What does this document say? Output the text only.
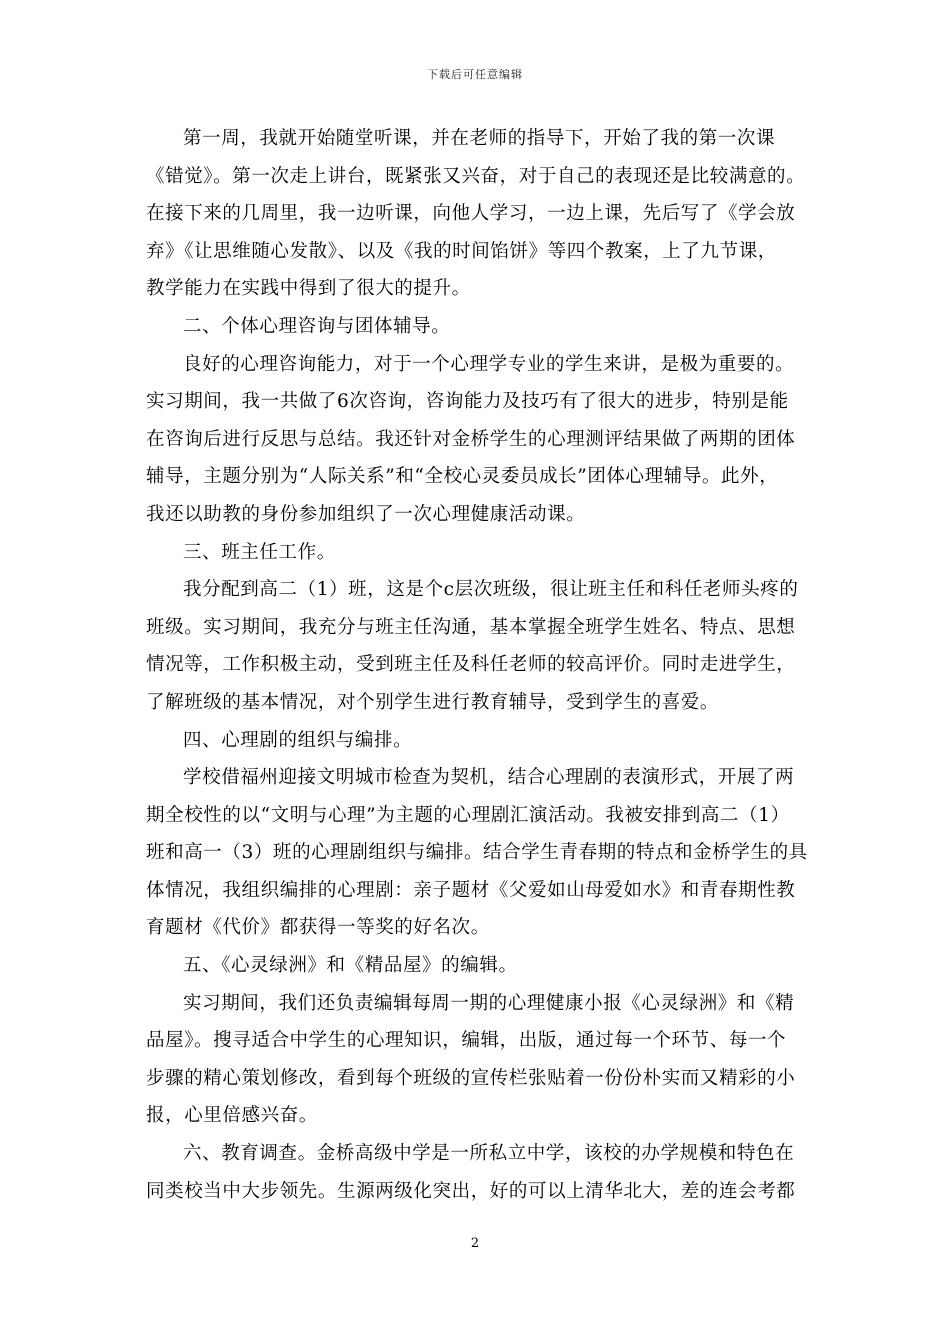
下载后可任意编辑
第一周，我就开始随堂听课，并在老师的指导下，开始了我的第一次课
《错觉》。第一次走上讲台，既紧张又兴奋，对于自己的表现还是比较满意的。
在接下来的几周里，我一边听课，向他人学习，一边上课，先后写了《学会放
弃》《让思维随心发散》、以及《我的时间馅饼》等四个教案，上了九节课，
教学能力在实践中得到了很大的提升。
二、个体心理咨询与团体辅导。
良好的心理咨询能力，对于一个心理学专业的学生来讲，是极为重要的。
实习期间，我一共做了6次咨询，咨询能力及技巧有了很大的进步，特别是能
在咨询后进行反思与总结。我还针对金桥学生的心理测评结果做了两期的团体
辅导，主题分别为“人际关系”和“全校心灵委员成长”团体心理辅导。此外，
我还以助教的身份参加组织了一次心理健康活动课。
三、班主任工作。
我分配到高二（1）班，这是个c层次班级，很让班主任和科任老师头疼的
班级。实习期间，我充分与班主任沟通，基本掌握全班学生姓名、特点、思想
情况等，工作积极主动，受到班主任及科任老师的较高评价。同时走进学生，
了解班级的基本情况，对个别学生进行教育辅导，受到学生的喜爱。
四、心理剧的组织与编排。
学校借福州迎接文明城市检查为契机，结合心理剧的表演形式，开展了两
期全校性的以“文明与心理”为主题的心理剧汇演活动。我被安排到高二（1）
班和高一（3）班的心理剧组织与编排。结合学生青春期的特点和金桥学生的具
体情况，我组织编排的心理剧：亲子题材《父爱如山母爱如水》和青春期性教
育题材《代价》都获得一等奖的好名次。
五、《心灵绿洲》和《精品屋》的编辑。
实习期间，我们还负责编辑每周一期的心理健康小报《心灵绿洲》和《精
品屋》。搜寻适合中学生的心理知识，编辑，出版，通过每一个环节、每一个
步骤的精心策划修改，看到每个班级的宣传栏张贴着一份份朴实而又精彩的小
报，心里倍感兴奋。
六、教育调查。金桥高级中学是一所私立中学，该校的办学规模和特色在
同类校当中大步领先。生源两级化突出，好的可以上清华北大，差的连会考都
2
